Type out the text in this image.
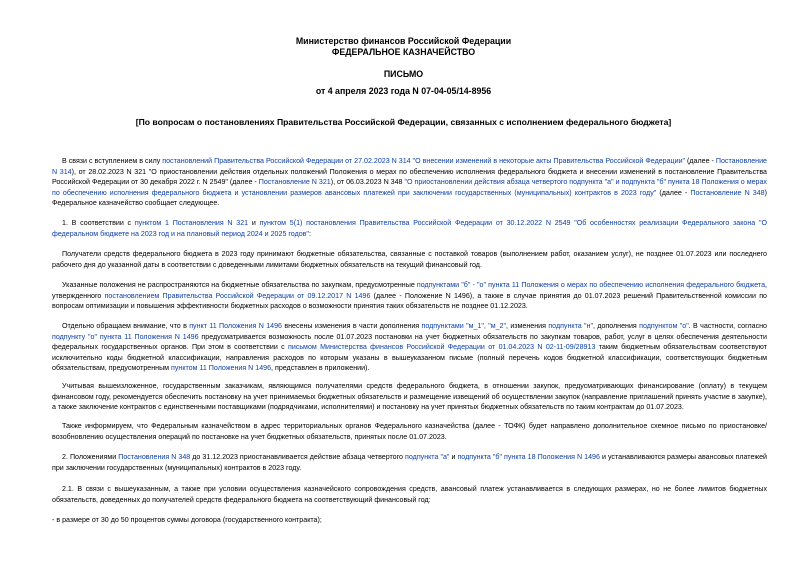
Министерство финансов Российской Федерации
ФЕДЕРАЛЬНОЕ КАЗНАЧЕЙСТВО
ПИСЬМО
от 4 апреля 2023 года N 07-04-05/14-8956
[По вопросам о постановлениях Правительства Российской Федерации, связанных с исполнением федерального бюджета]
В связи с вступлением в силу постановлений Правительства Российской Федерации от 27.02.2023 N 314 "О внесении изменений в некоторые акты Правительства Российской Федерации" (далее - Постановление N 314), от 28.02.2023 N 321 "О приостановлении действия отдельных положений Положения о мерах по обеспечению исполнения федерального бюджета и внесении изменений в постановление Правительства Российской Федерации от 30 декабря 2022 г. N 2549" (далее - Постановление N 321), от 06.03.2023 N 348 "О приостановлении действия абзаца четвертого подпункта "а" и подпункта "б" пункта 18 Положения о мерах по обеспечению исполнения федерального бюджета и установлении размеров авансовых платежей при заключении государственных (муниципальных) контрактов в 2023 году" (далее - Постановление N 348) Федеральное казначейство сообщает следующее.
1. В соответствии с пунктом 1 Постановления N 321 и пунктом 5(1) постановления Правительства Российской Федерации от 30.12.2022 N 2549 "Об особенностях реализации Федерального закона "О федеральном бюджете на 2023 год и на плановый период 2024 и 2025 годов":
Получатели средств федерального бюджета в 2023 году принимают бюджетные обязательства, связанные с поставкой товаров (выполнением работ, оказанием услуг), не позднее 01.07.2023 или последнего рабочего дня до указанной даты в соответствии с доведенными лимитами бюджетных обязательств на текущий финансовый год.
Указанные положения не распространяются на бюджетные обязательства по закупкам, предусмотренные подпунктами "б" - "о" пункта 11 Положения о мерах по обеспечению исполнения федерального бюджета, утвержденного постановлением Правительства Российской Федерации от 09.12.2017 N 1496 (далее - Положение N 1496), а также в случае принятия до 01.07.2023 решений Правительственной комиссии по вопросам оптимизации и повышения эффективности бюджетных расходов о возможности принятия таких обязательств не позднее 01.12.2023.
Отдельно обращаем внимание, что в пункт 11 Положения N 1496 внесены изменения в части дополнения подпунктами "м_1", "м_2", изменения подпункта "н", дополнения подпунктом "о". В частности, согласно подпункту "о" пункта 11 Положения N 1496 предусматривается возможность после 01.07.2023 постановки на учет бюджетных обязательств по закупкам товаров, работ, услуг в целях обеспечения деятельности федеральных государственных органов. При этом в соответствии с письмом Министерства финансов Российской Федерации от 01.04.2023 N 02-11-09/28913 таким бюджетным обязательствам соответствуют исключительно коды бюджетной классификации, направления расходов по которым указаны в вышеуказанном письме (полный перечень кодов бюджетной классификации, соответствующих бюджетным обязательствам, предусмотренным пунктом 11 Положения N 1496, представлен в приложении).
Учитывая вышеизложенное, государственным заказчикам, являющимся получателями средств федерального бюджета, в отношении закупок, предусматривающих финансирование (оплату) в текущем финансовом году, рекомендуется обеспечить постановку на учет принимаемых бюджетных обязательств и размещение извещений об осуществлении закупок (направление приглашений принять участие в закупке), а также заключение контрактов с единственными поставщиками (подрядчиками, исполнителями) и постановку на учет принятых бюджетных обязательств по таким контрактам до 01.07.2023.
Также информируем, что Федеральным казначейством в адрес территориальных органов Федерального казначейства (далее - ТОФК) будет направлено дополнительное схемное письмо по приостановке/возобновлению осуществления операций по постановке на учет бюджетных обязательств, принятых после 01.07.2023.
2. Положениями Постановления N 348 до 31.12.2023 приостанавливается действие абзаца четвертого подпункта "а" и подпункта "б" пункта 18 Положения N 1496 и устанавливаются размеры авансовых платежей при заключении государственных (муниципальных) контрактов в 2023 году.
2.1. В связи с вышеуказанным, а также при условии осуществления казначейского сопровождения средств, авансовый платеж устанавливается в следующих размерах, но не более лимитов бюджетных обязательств, доведенных до получателей средств федерального бюджета на соответствующий финансовый год:
- в размере от 30 до 50 процентов суммы договора (государственного контракта);
